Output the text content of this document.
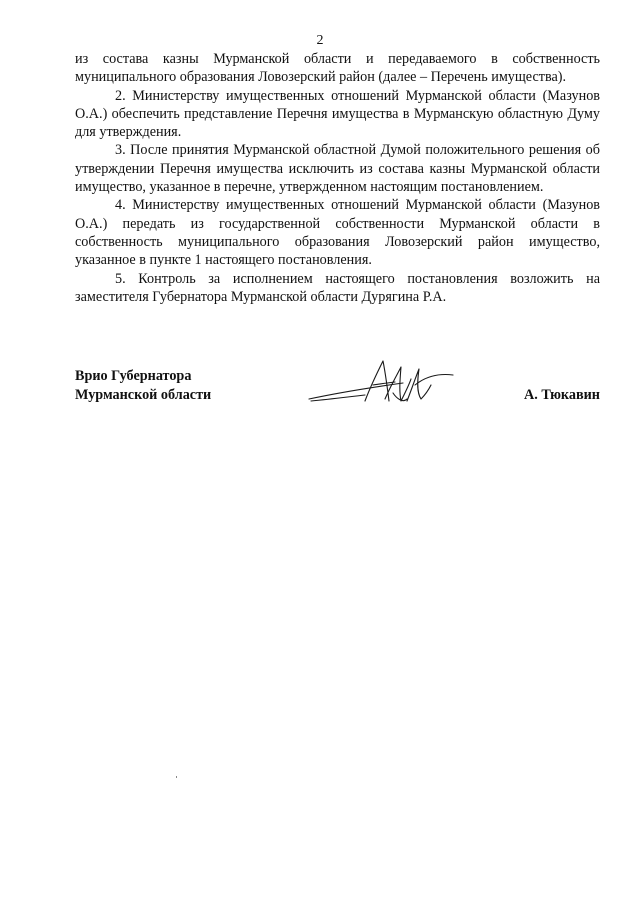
2

из состава казны Мурманской области и передаваемого в собственность муниципального образования Ловозерский район (далее – Перечень имущества).

2. Министерству имущественных отношений Мурманской области (Мазунов О.А.) обеспечить представление Перечня имущества в Мурманскую областную Думу для утверждения.

3. После принятия Мурманской областной Думой положительного решения об утверждении Перечня имущества исключить из состава казны Мурманской области имущество, указанное в перечне, утвержденном настоящим постановлением.

4. Министерству имущественных отношений Мурманской области (Мазунов О.А.) передать из государственной собственности Мурманской области в собственность муниципального образования Ловозерский район имущество, указанное в пункте 1 настоящего постановления.

5. Контроль за исполнением настоящего постановления возложить на заместителя Губернатора Мурманской области Дурягина Р.А.

Врио Губернатора
Мурманской области	А. Тюкавин
